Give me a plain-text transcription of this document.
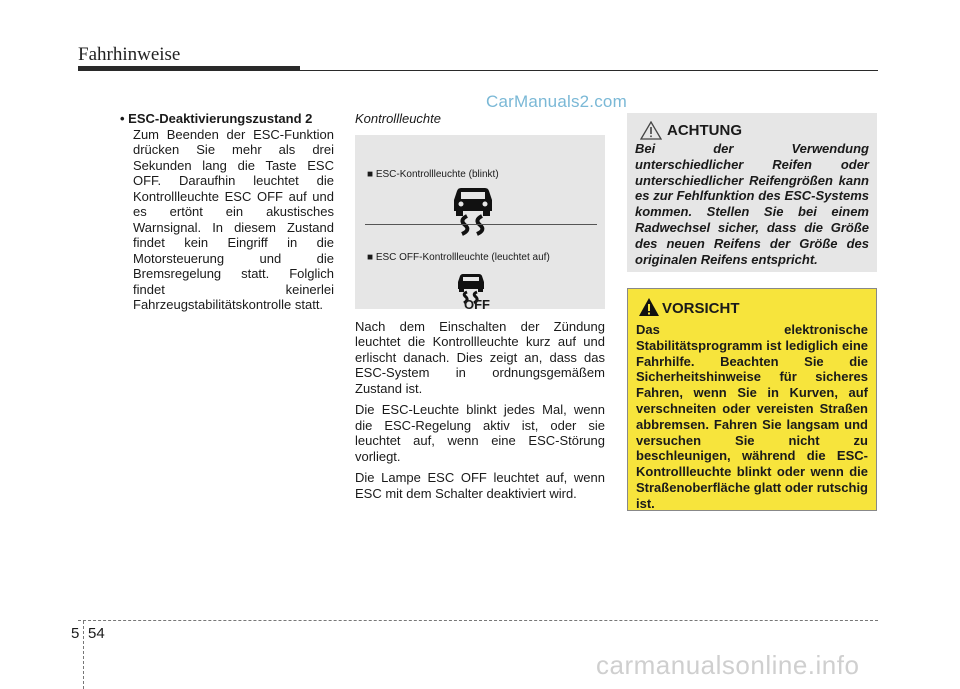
Fahrhinweise
• ESC-Deaktivierungszustand 2
Zum Beenden der ESC-Funktion drücken Sie mehr als drei Sekunden lang die Taste ESC OFF. Daraufhin leuchtet die Kontrollleuchte ESC OFF auf und es ertönt ein akustisches Warnsignal. In diesem Zustand findet kein Eingriff in die Motorsteuerung und die Bremsregelung statt. Folglich findet keinerlei Fahrzeugstabilitätskontrolle statt.
CarManuals2.com
Kontrollleuchte
■ ESC-Kontrollleuchte (blinkt)
■ ESC OFF-Kontrollleuchte (leuchtet auf)
OFF

Nach dem Einschalten der Zündung leuchtet die Kontrollleuchte kurz auf und erlischt danach. Dies zeigt an, dass das ESC-System in ordnungsgemäßem Zustand ist.

Die ESC-Leuchte blinkt jedes Mal, wenn die ESC-Regelung aktiv ist, oder sie leuchtet auf, wenn eine ESC-Störung vorliegt.

Die Lampe ESC OFF leuchtet auf, wenn ESC mit dem Schalter deaktiviert wird.

ACHTUNG
Bei der Verwendung unterschiedlicher Reifen oder unterschiedlicher Reifengrößen kann es zur Fehlfunktion des ESC-Systems kommen. Stellen Sie bei einem Radwechsel sicher, dass die Größe des neuen Reifens der Größe des originalen Reifens entspricht.
VORSICHT
Das elektronische Stabilitätsprogramm ist lediglich eine Fahrhilfe. Beachten Sie die Sicherheitshinweise für sicheres Fahren, wenn Sie in Kurven, auf verschneiten oder vereisten Straßen abbremsen. Fahren Sie langsam und versuchen Sie nicht zu beschleunigen, während die ESC-Kontrollleuchte blinkt oder wenn die Straßenoberfläche glatt oder rutschig ist.
5 54
carmanualsonline.info
